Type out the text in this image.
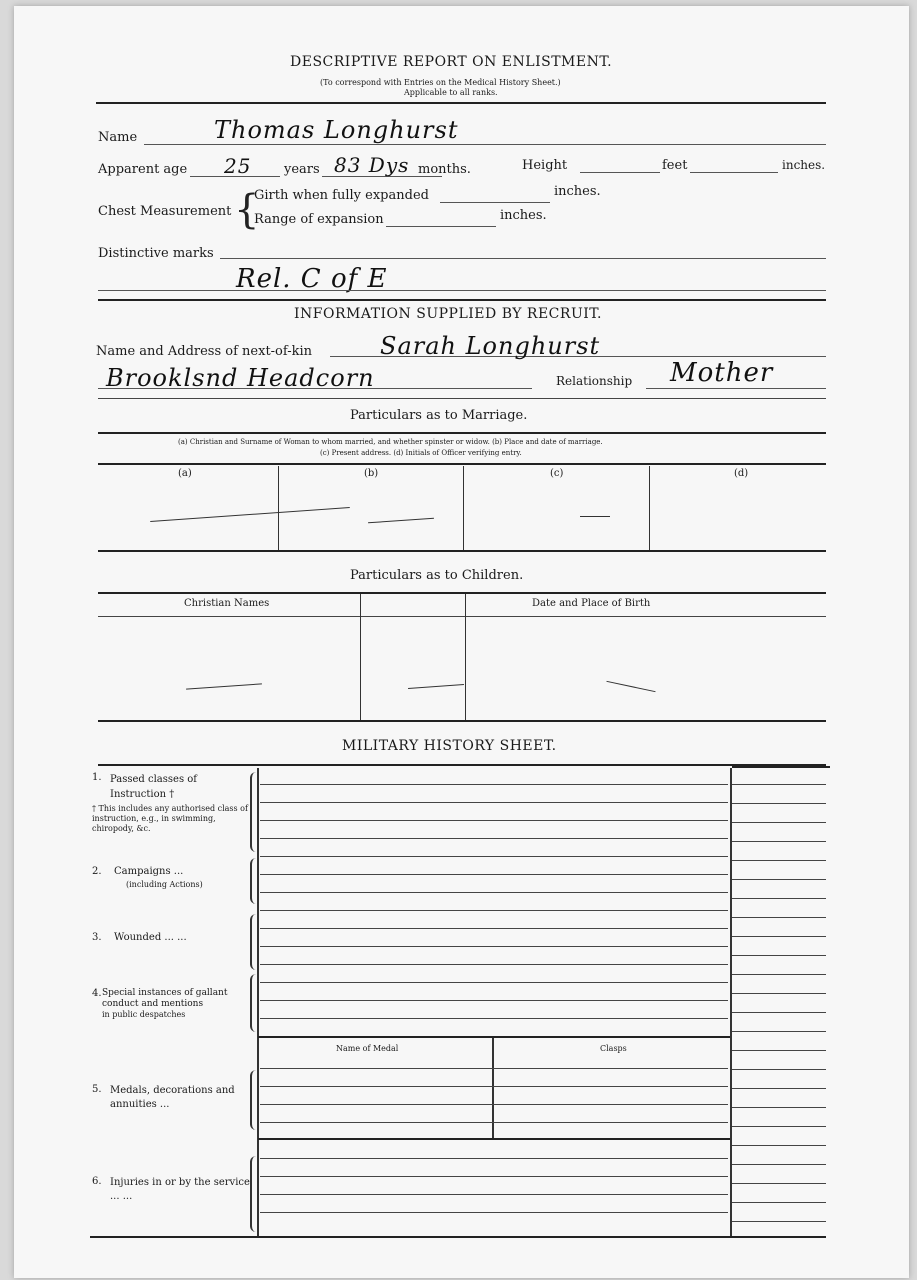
DESCRIPTIVE REPORT ON ENLISTMENT.
(To correspond with Entries on the Medical History Sheet.)
Applicable to all ranks.
Name	Thomas Longhurst
Apparent age 25	years 83 Dys months.	Height	feet	inches.
Chest Measurement {
Girth when fully expanded	inches.
Range of expansion	inches.
Distinctive marks
Rel. C of E
INFORMATION SUPPLIED BY RECRUIT.
Name and Address of next-of-kin	Sarah Longhurst
Brooklsnd Headcorn	Relationship Mother
Particulars as to Marriage.
(a) Christian and Surname of Woman to whom married, and whether spinster or widow. (b) Place and date of marriage.
(c) Present address. (d) Initials of Officer verifying entry.
(a)	(b)	(c)	(d)
Particulars as to Children.
Christian Names	Date and Place of Birth
MILITARY HISTORY SHEET.
1. Passed classes of Instruction †
† This includes any authorised class of instruction, e.g., in swimming, chiropody, &c.
2. Campaigns ...
(including Actions)
3. Wounded ... ...
4. Special instances of gallant conduct and mentions
in public despatches
Name of Medal	Clasps
5. Medals, decorations and annuities ...
6. Injuries in or by the service ... ...
